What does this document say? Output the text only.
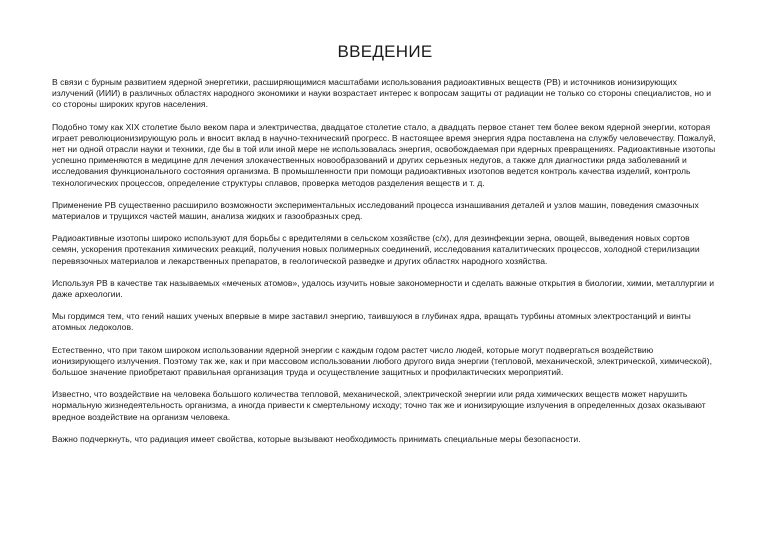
ВВЕДЕНИЕ

В связи с бурным развитием ядерной энергетики, расширяющимися масштабами использования радиоактивных веществ (РВ) и источников ионизирующих излучений (ИИИ) в различных областях народного экономики и науки возрастает интерес к вопросам защиты от радиации не только со стороны специалистов, но и со стороны широких кругов населения.

Подобно тому как XIX столетие было веком пара и электричества, двадцатое столетие стало, а двадцать первое станет тем более веком ядерной энергии, которая играет революционизирующую роль и вносит вклад в научно-технический прогресс. В настоящее время энергия ядра поставлена на службу человечеству. Пожалуй, нет ни одной отрасли науки и техники, где бы в той или иной мере не использовалась энергия, освобождаемая при ядерных превращениях. Радиоактивные изотопы успешно применяются в медицине для лечения злокачественных новообразований и других серьезных недугов, а также для диагностики ряда заболеваний и исследования функционального состояния организма. В промышленности при помощи радиоактивных изотопов ведется контроль качества изделий, контроль технологических процессов, определение структуры сплавов, проверка методов разделения веществ и т. д.

Применение РВ существенно расширило возможности экспериментальных исследований процесса изнашивания деталей и узлов машин, поведения смазочных материалов и трущихся частей машин, анализа жидких и газообразных сред.

Радиоактивные изотопы широко используют для борьбы с вредителями в сельском хозяйстве (с/х), для дезинфекции зерна, овощей, выведения новых сортов семян, ускорения протекания химических реакций, получения новых полимерных соединений, исследования каталитических процессов, холодной стерилизации перевязочных материалов и лекарственных препаратов, в геологической разведке и других областях народного хозяйства.

Используя РВ в качестве так называемых «меченых атомов», удалось изучить новые закономерности и сделать важные открытия в биологии, химии, металлургии и даже археологии.

Мы гордимся тем, что гений наших ученых впервые в мире заставил энергию, таившуюся в глубинах ядра, вращать турбины атомных электростанций и винты атомных ледоколов.

Естественно, что при таком широком использовании ядерной энергии с каждым годом растет число людей, которые могут подвергаться воздействию ионизирующего излучения. Поэтому так же, как и при массовом использовании любого другого вида энергии (тепловой, механической, электрической, химической), большое значение приобретают правильная организация труда и осуществление защитных и профилактических мероприятий.

Известно, что воздействие на человека большого количества тепловой, механической, электрической энергии или ряда химических веществ может нарушить нормальную жизнедеятельность организма, а иногда привести к смертельному исходу; точно так же и ионизирующие излучения в определенных дозах оказывают вредное воздействие на организм человека.

Важно подчеркнуть, что радиация имеет свойства, которые вызывают необходимость принимать специальные меры безопасности.
